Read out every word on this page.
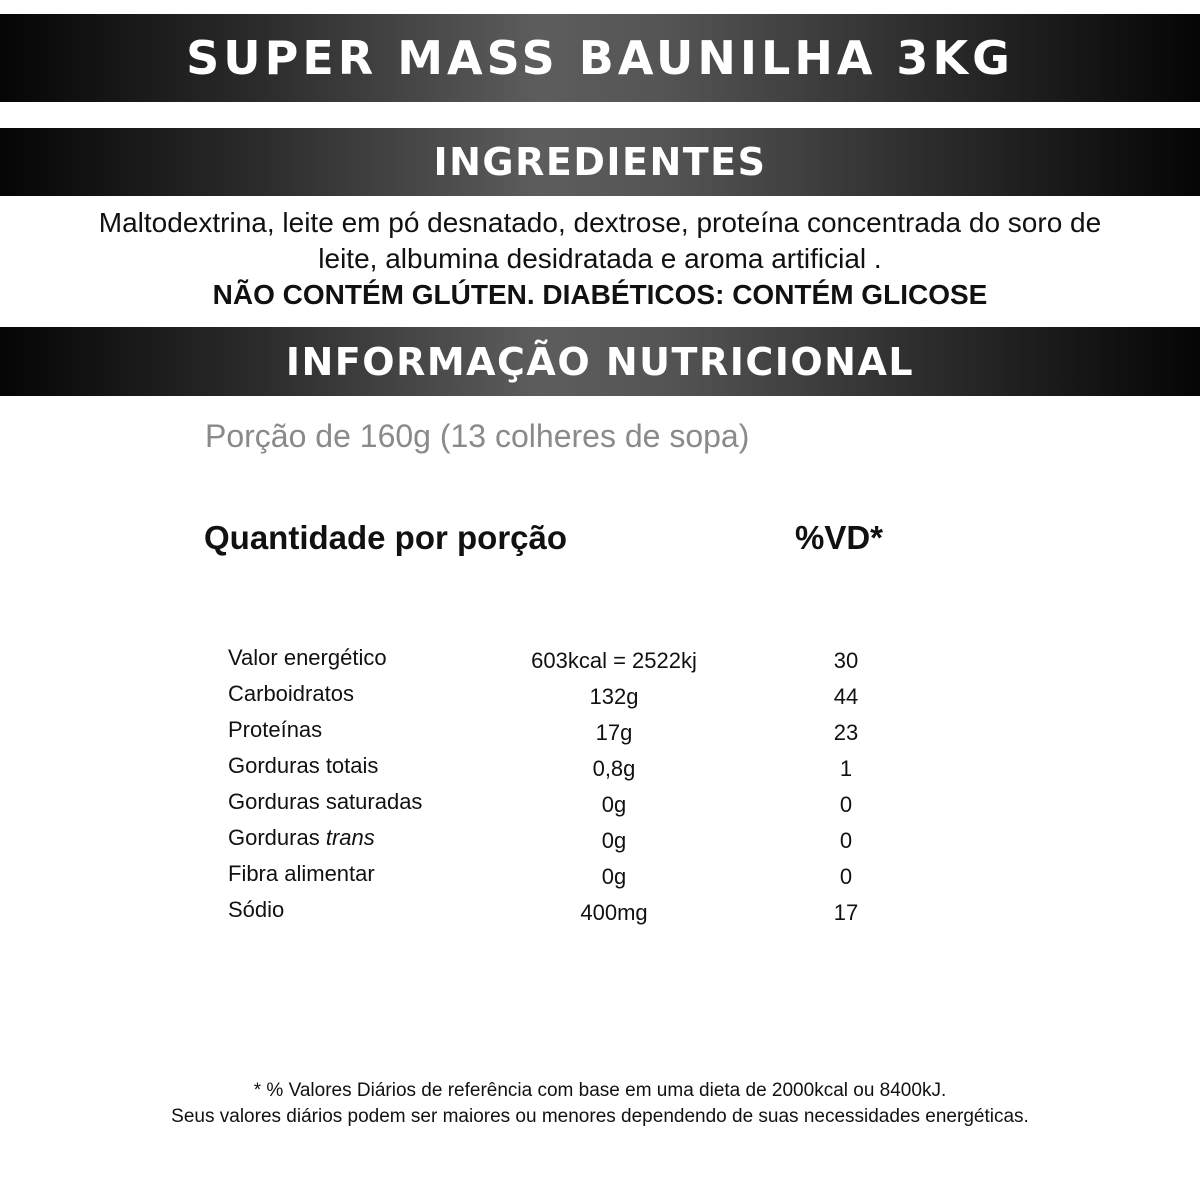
SUPER MASS BAUNILHA 3KG
INGREDIENTES
Maltodextrina, leite em pó desnatado, dextrose, proteína concentrada do soro de leite, albumina desidratada e aroma artificial .
NÃO CONTÉM GLÚTEN. DIABÉTICOS: CONTÉM GLICOSE
INFORMAÇÃO NUTRICIONAL
Porção de 160g (13 colheres de sopa)
Quantidade por porção	%VD*
Valor energético	603kcal = 2522kj	30
Carboidratos	132g	44
Proteínas	17g	23
Gorduras totais	0,8g	1
Gorduras saturadas	0g	0
Gorduras trans	0g	0
Fibra alimentar	0g	0
Sódio	400mg	17
* % Valores Diários de referência com base em uma dieta de 2000kcal ou 8400kJ.
Seus valores diários podem ser maiores ou menores dependendo de suas necessidades energéticas.
